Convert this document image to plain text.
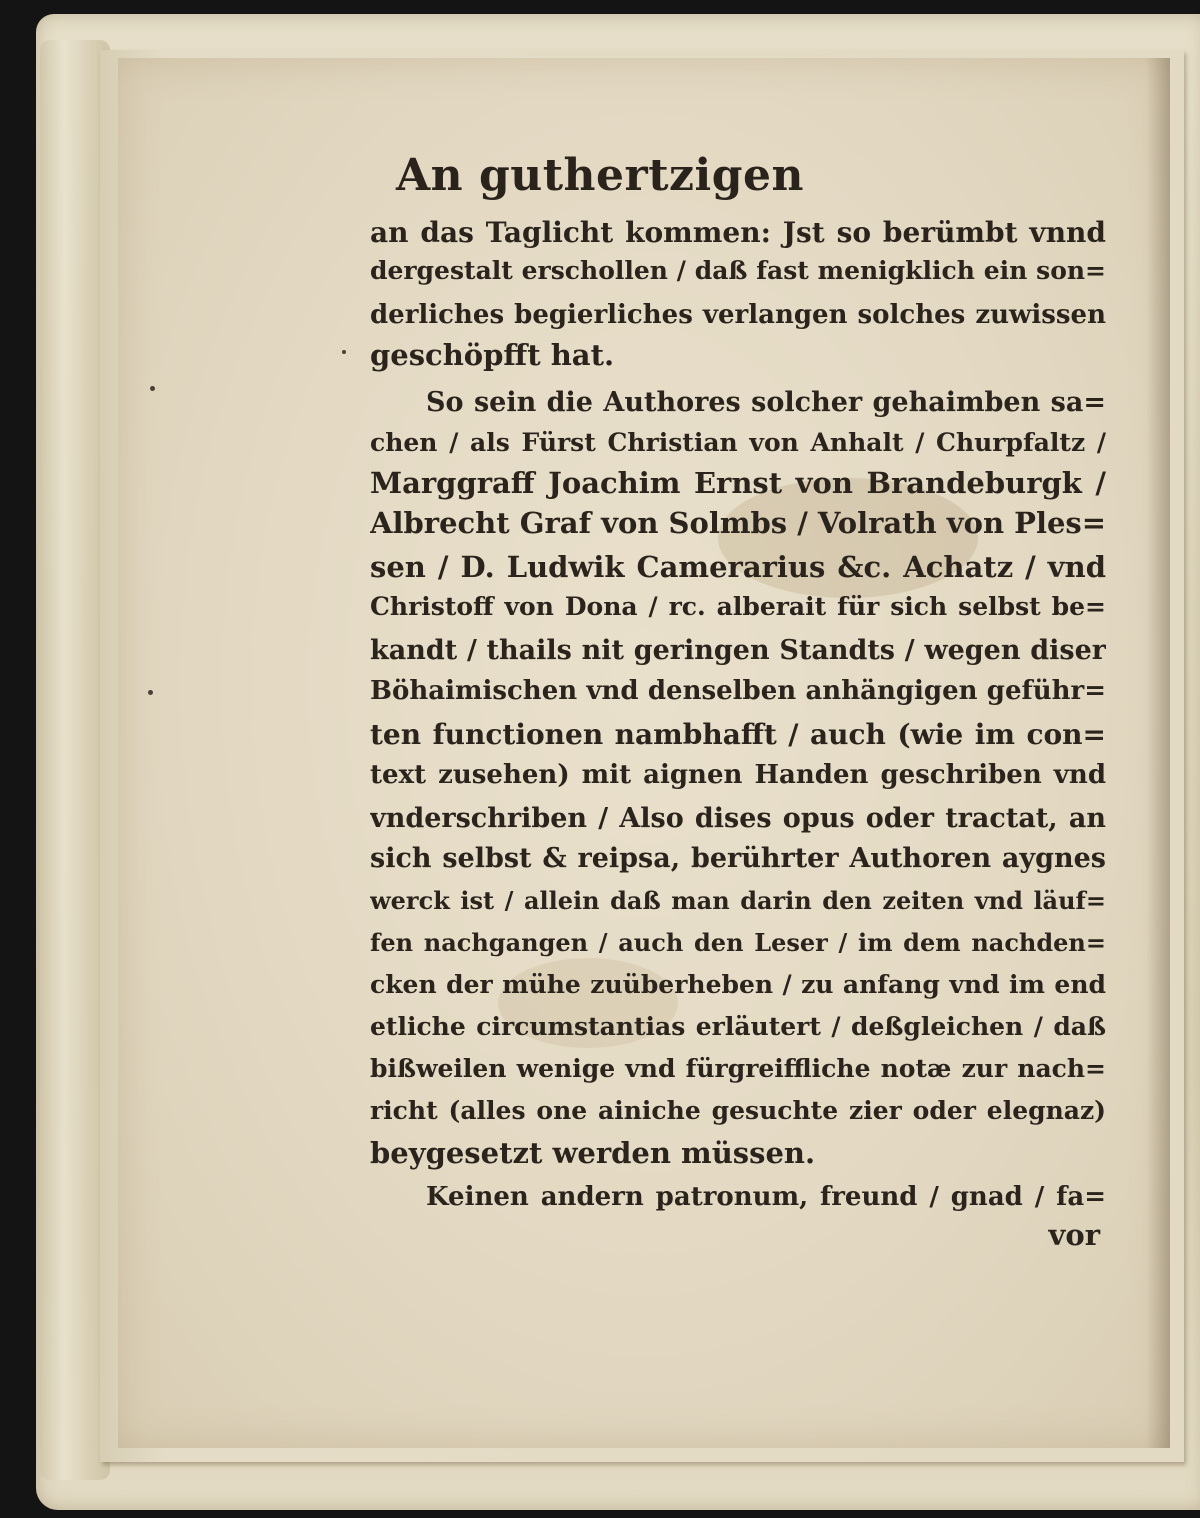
An guthertzigen
an das Taglicht kommen: Jst so berümbt vnnd
dergestalt erschollen / daß fast menigklich ein son=
derliches begierliches verlangen solches zuwissen
geschöpfft hat.
So sein die Authores solcher gehaimben sa=
chen / als Fürst Christian von Anhalt / Churpfaltz /
Marggraff Joachim Ernst von Brandeburgk /
Albrecht Graf von Solmbs / Volrath von Ples=
sen / D. Ludwik Camerarius &c. Achatz / vnd
Christoff von Dona / rc. alberait für sich selbst be=
kandt / thails nit geringen Standts / wegen diser
Böhaimischen vnd denselben anhängigen geführ=
ten functionen nambhafft / auch (wie im con=
text zusehen) mit aignen Handen geschriben vnd
vnderschriben / Also dises opus oder tractat, an
sich selbst & reipsa, berührter Authoren aygnes
werck ist / allein daß man darin den zeiten vnd läuf=
fen nachgangen / auch den Leser / im dem nachden=
cken der mühe zuüberheben / zu anfang vnd im end
etliche circumstantias erläutert / deßgleichen / daß
bißweilen wenige vnd fürgreiffliche notæ zur nach=
richt (alles one ainiche gesuchte zier oder elegnaz)
beygesetzt werden müssen.
Keinen andern patronum, freund / gnad / fa=
vor
